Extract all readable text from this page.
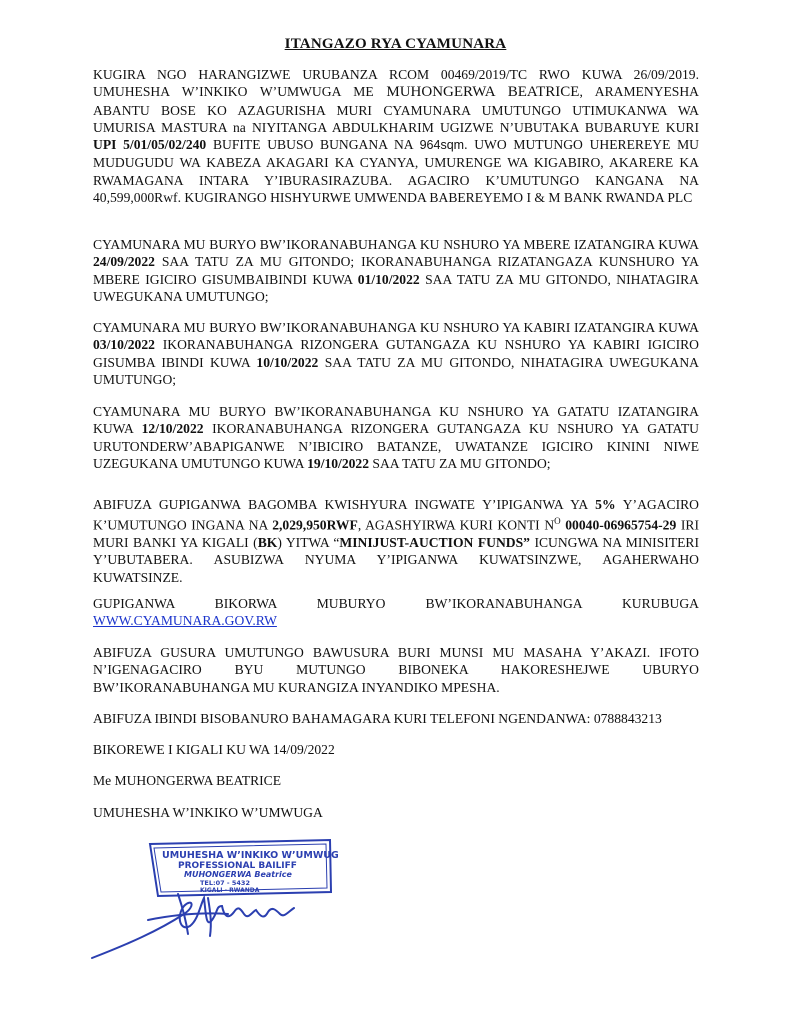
ITANGAZO RYA CYAMUNARA

KUGIRA NGO HARANGIZWE URUBANZA RCOM 00469/2019/TC RWO KUWA 26/09/2019. UMUHESHA W’INKIKO W’UMWUGA ME MUHONGERWA BEATRICE, ARAMENYESHA ABANTU BOSE KO AZAGURISHA MURI CYAMUNARA UMUTUNGO UTIMUKANWA WA UMURISA MASTURA na NIYITANGA ABDULKHARIM UGIZWE N’UBUTAKA BUBARUYE KURI UPI 5/01/05/02/240 BUFITE UBUSO BUNGANA NA 964sqm. UWO MUTUNGO UHEREREYE MU MUDUGUDU WA KABEZA AKAGARI KA CYANYA, UMURENGE WA KIGABIRO, AKARERE KA RWAMAGANA INTARA Y’IBURASIRAZUBA. AGACIRO K’UMUTUNGO KANGANA NA 40,599,000Rwf. KUGIRANGO HISHYURWE UMWENDA BABEREYEMO I & M BANK RWANDA PLC

CYAMUNARA MU BURYO BW’IKORANABUHANGA KU NSHURO YA MBERE IZATANGIRA KUWA 24/09/2022 SAA TATU ZA MU GITONDO; IKORANABUHANGA RIZATANGAZA KUNSHURO YA MBERE IGICIRO GISUMBAIBINDI KUWA 01/10/2022 SAA TATU ZA MU GITONDO, NIHATAGIRA UWEGUKANA UMUTUNGO;

CYAMUNARA MU BURYO BW’IKORANABUHANGA KU NSHURO YA KABIRI IZATANGIRA KUWA 03/10/2022 IKORANABUHANGA RIZONGERA GUTANGAZA KU NSHURO YA KABIRI IGICIRO GISUMBA IBINDI KUWA 10/10/2022 SAA TATU ZA MU GITONDO, NIHATAGIRA UWEGUKANA UMUTUNGO;

CYAMUNARA MU BURYO BW’IKORANABUHANGA KU NSHURO YA GATATU IZATANGIRA KUWA 12/10/2022 IKORANABUHANGA RIZONGERA GUTANGAZA KU NSHURO YA GATATU URUTONDERW’ABAPIGANWE N’IBICIRO BATANZE, UWATANZE IGICIRO KININI NIWE UZEGUKANA UMUTUNGO KUWA 19/10/2022 SAA TATU ZA MU GITONDO;

ABIFUZA GUPIGANWA BAGOMBA KWISHYURA INGWATE Y’IPIGANWA YA 5% Y’AGACIRO K’UMUTUNGO INGANA NA 2,029,950RWF, AGASHYIRWA KURI KONTI $N^O$ 00040-06965754-29 IRI MURI BANKI YA KIGALI (BK) YITWA “MINIJUST-AUCTION FUNDS” ICUNGWA NA MINISITERI Y’UBUTABERA. ASUBIZWA NYUMA Y’IPIGANWA KUWATSINZWE, AGAHERWAHO KUWATSINZE.

GUPIGANWA BIKORWA MUBURYO BW’IKORANABUHANGA KURUBUGA WWW.CYAMUNARA.GOV.RW

ABIFUZA GUSURA UMUTUNGO BAWUSURA BURI MUNSI MU MASAHA Y’AKAZI. IFOTO N’IGENAGACIRO BYU MUTUNGO BIBONEKA HAKORESHEJWE UBURYO BW’IKORANABUHANGA MU KURANGIZA INYANDIKO MPESHA.

ABIFUZA IBINDI BISOBANURO BAHAMAGARA KURI TELEFONI NGENDANWA: 0788843213

BIKOREWE I KIGALI KU WA 14/09/2022

Me MUHONGERWA BEATRICE

UMUHESHA W’INKIKO W’UMWUGA

UMUHESHA W’INKIKO W’UMWUGA
PROFESSIONAL BAILIFF
MUHONGERWA Beatrice
TEL:07 - 5432
KIGALI - RWANDA
